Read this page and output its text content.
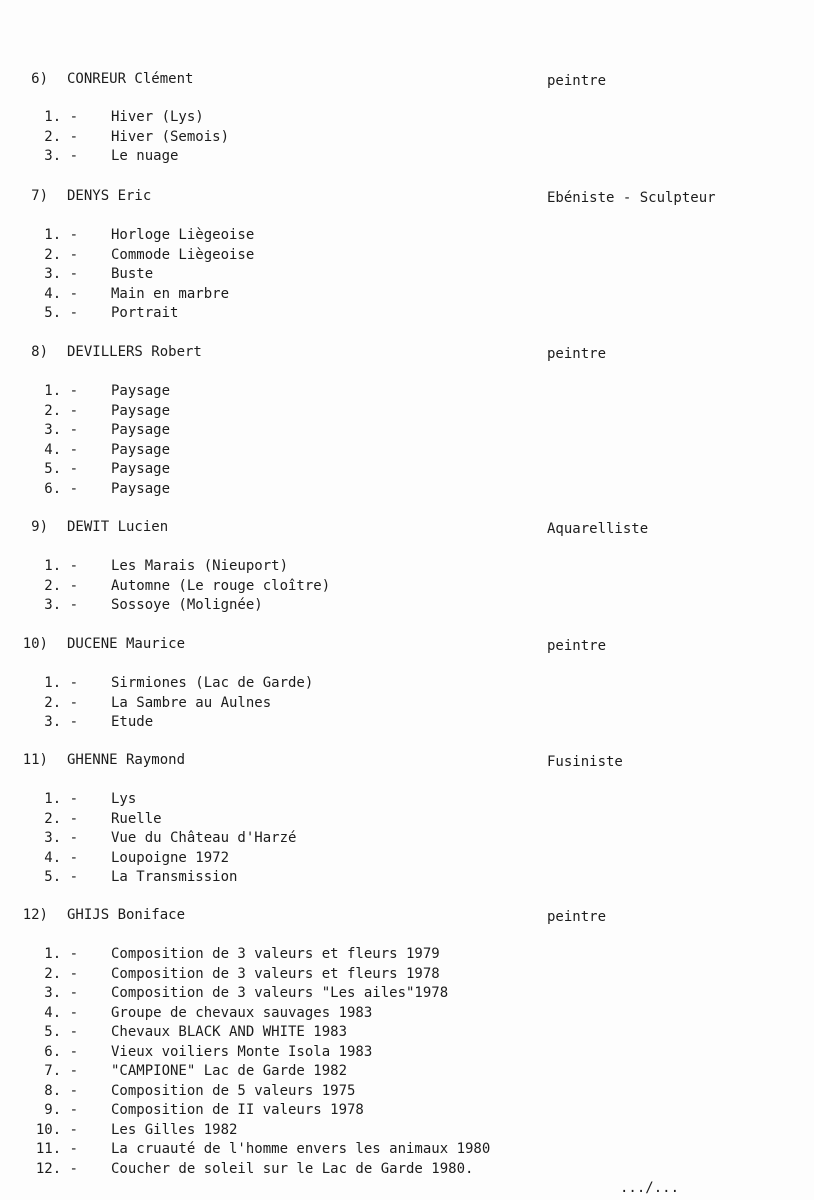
6) CONREUR Clément	peintre
1. - Hiver (Lys)
2. - Hiver (Semois)
3. - Le nuage
7) DENYS Eric	Ebéniste - Sculpteur
1. - Horloge Liègeoise
2. - Commode Liègeoise
3. - Buste
4. - Main en marbre
5. - Portrait
8) DEVILLERS Robert	peintre
1. - Paysage
2. - Paysage
3. - Paysage
4. - Paysage
5. - Paysage
6. - Paysage
9) DEWIT Lucien	Aquarelliste
1. - Les Marais (Nieuport)
2. - Automne (Le rouge cloître)
3. - Sossoye (Molignée)
10) DUCENE Maurice	peintre
1. - Sirmiones (Lac de Garde)
2. - La Sambre au Aulnes
3. - Etude
11) GHENNE Raymond	Fusiniste
1. - Lys
2. - Ruelle
3. - Vue du Château d'Harzé
4. - Loupoigne 1972
5. - La Transmission
12) GHIJS Boniface	peintre
1. - Composition de 3 valeurs et fleurs 1979
2. - Composition de 3 valeurs et fleurs 1978
3. - Composition de 3 valeurs "Les ailes"1978
4. - Groupe de chevaux sauvages 1983
5. - Chevaux BLACK AND WHITE 1983
6. - Vieux voiliers Monte Isola 1983
7. - "CAMPIONE" Lac de Garde 1982
8. - Composition de 5 valeurs 1975
9. - Composition de II valeurs 1978
10. - Les Gilles 1982
11. - La cruauté de l'homme envers les animaux 1980
12. - Coucher de soleil sur le Lac de Garde 1980.
.../...
